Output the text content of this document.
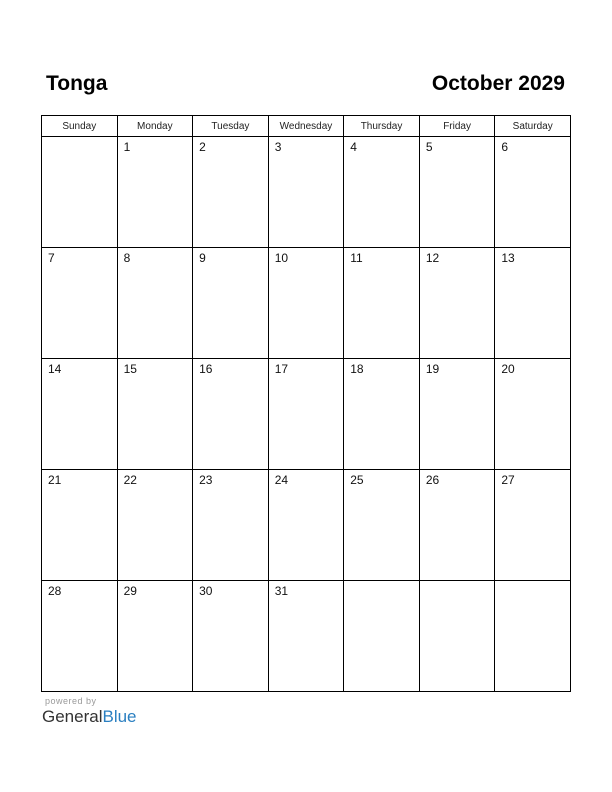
Tonga	October 2029
Sunday	Monday	Tuesday	Wednesday	Thursday	Friday	Saturday

	1	2	3	4	5	6

7	8	9	10	11	12	13

14	15	16	17	18	19	20

21	22	23	24	25	26	27

28	29	30	31			

powered by
GeneralBlue
